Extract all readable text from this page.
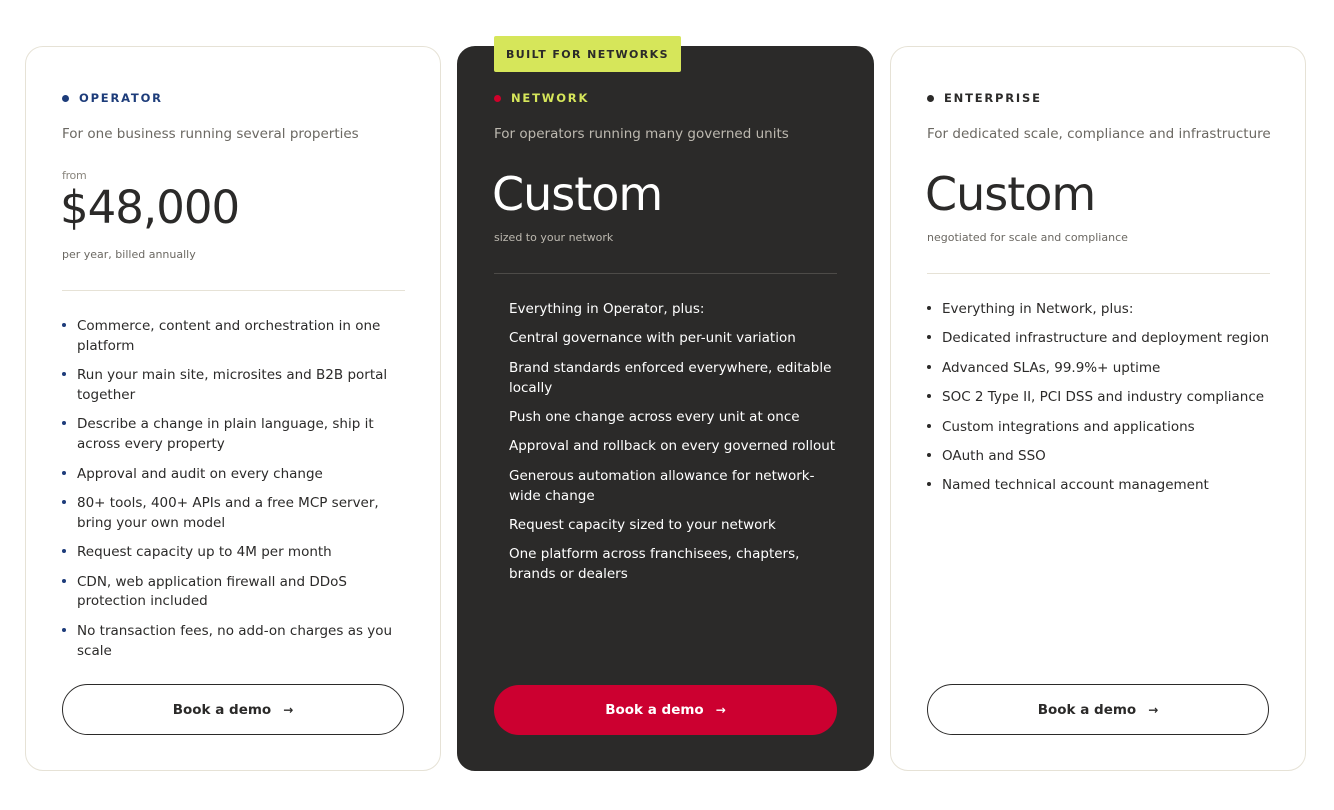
OPERATOR
For one business running several properties
from
$48,000
per year, billed annually
Commerce, content and orchestration in one platform
Run your main site, microsites and B2B portal together
Describe a change in plain language, ship it across every property
Approval and audit on every change
80+ tools, 400+ APIs and a free MCP server, bring your own model
Request capacity up to 4M per month
CDN, web application firewall and DDoS protection included
No transaction fees, no add-on charges as you scale
Book a demo →
BUILT FOR NETWORKS
NETWORK
For operators running many governed units
Custom
sized to your network
Everything in Operator, plus:
Central governance with per-unit variation
Brand standards enforced everywhere, editable locally
Push one change across every unit at once
Approval and rollback on every governed rollout
Generous automation allowance for network-wide change
Request capacity sized to your network
One platform across franchisees, chapters, brands or dealers
Book a demo →
ENTERPRISE
For dedicated scale, compliance and infrastructure
Custom
negotiated for scale and compliance
Everything in Network, plus:
Dedicated infrastructure and deployment region
Advanced SLAs, 99.9%+ uptime
SOC 2 Type II, PCI DSS and industry compliance
Custom integrations and applications
OAuth and SSO
Named technical account management
Book a demo →
